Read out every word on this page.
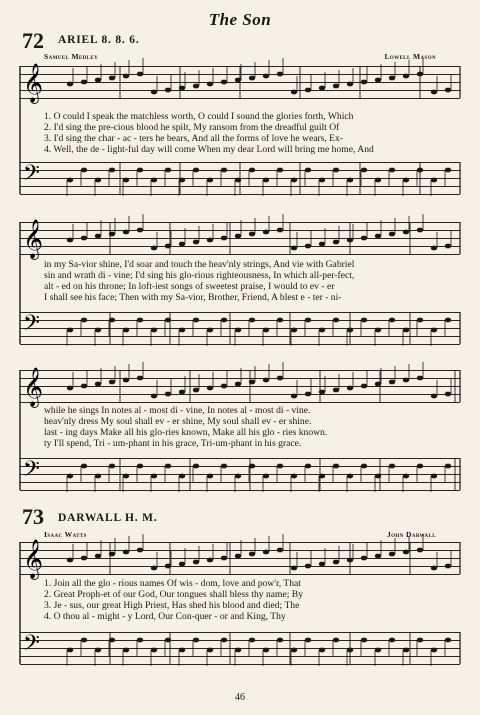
The Son
72 ARIEL 8. 8. 6.
Samuel Medley	Lowell Mason
1. O could I speak the matchless worth, O could I sound the glories forth, Which
2. I'd sing the pre-cious blood he spilt, My ransom from the dreadful guilt Of
3. I'd sing the char - ac - ters he bears, And all the forms of love he wears, Ex-
4. Well, the de - light-ful day will come When my dear Lord will bring me home, And
in my Sa-vior shine, I'd soar and touch the heav'nly strings, And vie with Gabriel
sin and wrath di - vine; I'd sing his glo-rious righteousness, In which all-per-fect,
alt - ed on his throne; In loft-iest songs of sweetest praise, I would to ev - er
I shall see his face; Then with my Sa-vior, Brother, Friend, A blest e - ter - ni-
while he sings In notes al - most di - vine, In notes al - most di - vine.
heav'nly dress My soul shall ev - er shine, My soul shall ev - er shine.
last - ing days Make all his glo-ries known, Make all his glo - ries known.
ty I'll spend, Tri - um-phant in his grace, Tri-um-phant in his grace.
73 DARWALL H. M.
Isaac Watts	John Darwall
1. Join all the glo - rious names Of wis - dom, love and pow'r, That
2. Great Proph-et of our God, Our tongues shall bless thy name; By
3. Je - sus, our great High Priest, Has shed his blood and died; The
4. O thou al - might - y Lord, Our Con-quer - or and King, Thy
46
𝄞
𝄢
𝄞
𝄢
𝄞
𝄢
𝄞
𝄢
